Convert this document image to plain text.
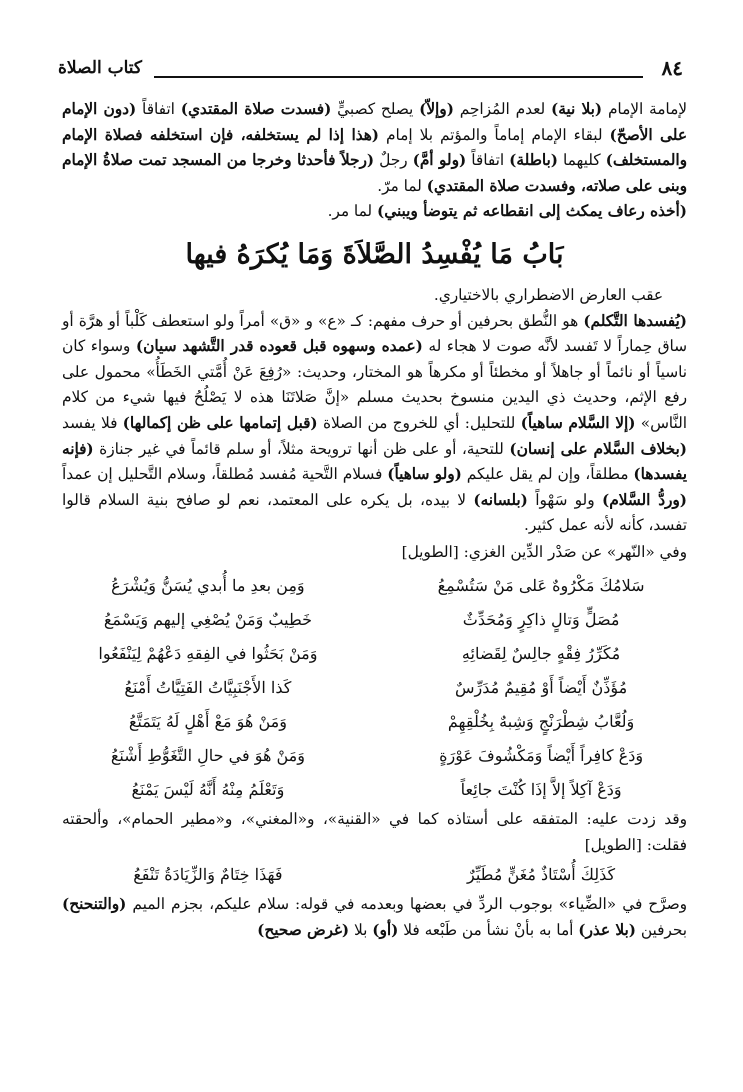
٨٤
كتاب الصلاة

لإمامة الإمام (بلا نية) لعدم المُزاحِم (وإلاّ) يصلح كصبيٍّ (فسدت صلاة المقتدي) اتفاقاً (دون الإمام على الأصحّ) لبقاء الإمام إماماً والمؤتم بلا إمام (هذا إذا لم يستخلفه، فإن استخلفه فصلاة الإمام والمستخلف) كليهما (باطلة) اتفاقاً (ولو أمَّ) رجلٌ (رجلاً فأحدثا وخرجا من المسجد تمت صلاةُ الإمام وبنى على صلاته، وفسدت صلاة المقتدي) لما مرّ.

(أخذه رعاف يمكث إلى انقطاعه ثم يتوضأ ويبني) لما مر.

بَابُ مَا يُفْسِدُ الصَّلاَةَ وَمَا يُكرَهُ فيها

عقب العارض الاضطراري بالاختياري.

(يُفسدها التَّكلم) هو النُّطق بحرفين أو حرف مفهم: كـ «ع» و «ق» أمراً ولو استعطف كَلْباً أو هرَّة أو ساق حِماراً لا تَفسد لأنَّه صوت لا هجاء له (عمده وسهوه قبل قعوده قدر التَّشهد سيان) وسواء كان ناسياً أو نائماً أو جاهلاً أو مخطئاً أو مكرهاً هو المختار، وحديث: «رُفِعَ عَنْ أُمَّتي الخَطَأُ» محمول على رفع الإثم، وحديث ذي اليدين منسوخ بحديث مسلم «إنَّ صَلاتَنَا هذه لا يَصْلُحُ فيها شيء من كلام النَّاس» (إلا السَّلام ساهياً) للتحليل: أي للخروج من الصلاة (قبل إتمامها على ظن إكمالها) فلا يفسد (بخلاف السَّلام على إنسان) للتحية، أو على ظن أنها ترويحة مثلاً، أو سلم قائماً في غير جنازة (فإنه يفسدها) مطلقاً، وإن لم يقل عليكم (ولو ساهياً) فسلام التَّحية مُفسد مُطلقاً، وسلام التَّحليل إن عمداً (وردُّ السَّلام) ولو سَهْواً (بلسانه) لا بيده، بل يكره على المعتمد، نعم لو صافح بنية السلام قالوا تفسد، كأنه لأنه عمل كثير.

وفي «النّهر» عن صَدْر الدِّين الغزي: [الطويل]

سَلامُكَ مَكْرُوهٌ عَلى مَنْ سَتُسْمِعُ
وَمِن بعدِ ما أُبدي يُسَنُّ وَيُشْرَعُ
مُصَلٍّ وَتالٍ ذاكِرٍ وَمُحَدِّثٌ
خَطِيبٌ وَمَنْ يُصْغِي إليهم وَيَسْمَعُ
مُكَرِّرُ فِقْهٍ جالِسٌ لِقَضائِهِ
وَمَنْ بَحَثُوا في الفِقهِ دَعْهُمْ لِيَنْفَعُوا
مُؤَذِّنٌ أَيْضاً أَوْ مُقِيمٌ مُدَرِّسٌ
كَذا الأَجْنَبِيَّاتُ الفَتِيَّاتُ أَمْنَعُ
وَلُعَّابُ شِطْرَنْجٍ وَشِبهٌ بِخُلْقِهِمْ
وَمَنْ هُوَ مَعْ أَهْلٍ لَهُ يَتَمَتَّعُ
وَدَعْ كافِراً أَيْضاً وَمَكْشُوفَ عَوْرَةٍ
وَمَنْ هُوَ في حالِ التَّغَوُّطِ أَشْنَعُ
وَدَعْ آكِلاً إلاَّ إذَا كُنْتَ جائِعاً
وَتَعْلَمُ مِنْهُ أَنَّهُ لَيْسَ يَمْنَعُ

وقد زدت عليه: المتفقه على أستاذه كما في «القنية»، و«المغني»، و«مطير الحمام»، وألحقته فقلت: [الطويل]

كَذَلِكَ أُسْتَاذٌ مُغَنٍّ مُطَيِّرٌ
فَهَذَا خِتَامٌ وَالزِّيَادَةُ تَنْفَعُ

وصرَّح في «الضِّياء» بوجوب الردِّ في بعضها وبعدمه في قوله: سلام عليكم، بجزم الميم (والتنحنح) بحرفين (بلا عذر) أما به بأنْ نشأ من طَبْعه فلا (أو) بلا (غرض صحيح)
